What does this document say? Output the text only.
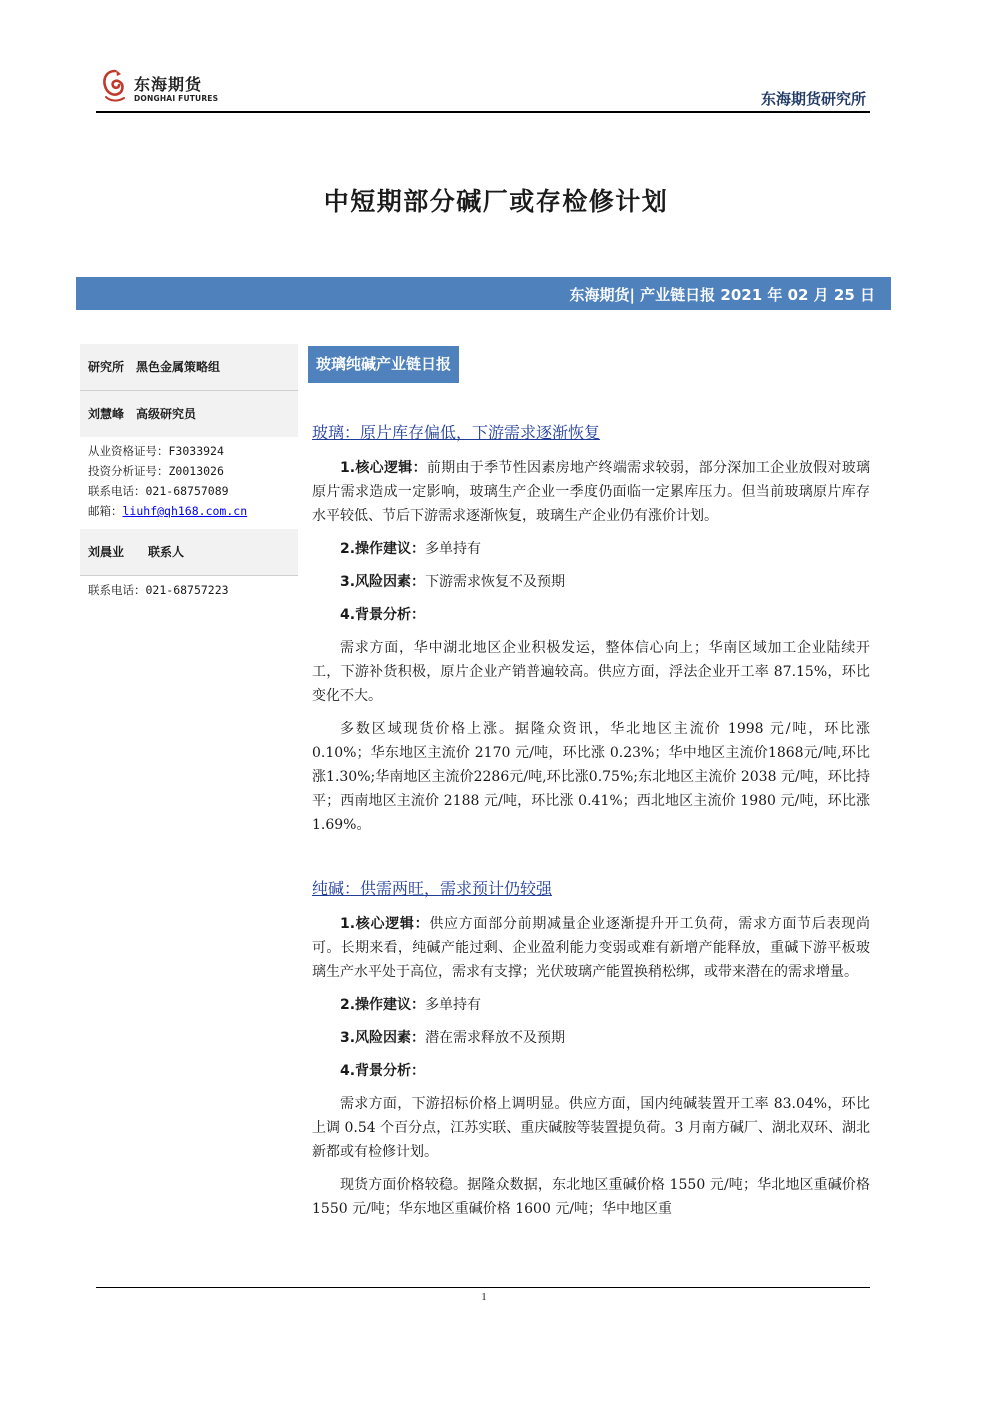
东海期货
DONGHAI FUTURES	东海期货研究所
中短期部分碱厂或存检修计划
东海期货| 产业链日报 2021 年 02 月 25 日
研究所　黑色金属策略组
刘慧峰　高级研究员
从业资格证号：F3033924
投资分析证号：Z0013026
联系电话：021-68757089
邮箱：liuhf@qh168.com.cn
刘晨业　　联系人
联系电话：021-68757223
玻璃纯碱产业链日报
玻璃：原片库存偏低，下游需求逐渐恢复

1.核心逻辑：前期由于季节性因素房地产终端需求较弱，部分深加工企业放假对玻璃原片需求造成一定影响，玻璃生产企业一季度仍面临一定累库压力。但当前玻璃原片库存水平较低、节后下游需求逐渐恢复，玻璃生产企业仍有涨价计划。

2.操作建议：多单持有

3.风险因素：下游需求恢复不及预期

4.背景分析：

需求方面，华中湖北地区企业积极发运，整体信心向上；华南区域加工企业陆续开工，下游补货积极，原片企业产销普遍较高。供应方面，浮法企业开工率 87.15%，环比变化不大。

多数区域现货价格上涨。据隆众资讯，华北地区主流价 1998 元/吨，环比涨 0.10%；华东地区主流价 2170 元/吨，环比涨 0.23%；华中地区主流价1868元/吨,环比涨1.30%;华南地区主流价2286元/吨,环比涨0.75%;东北地区主流价 2038 元/吨，环比持平；西南地区主流价 2188 元/吨，环比涨 0.41%；西北地区主流价 1980 元/吨，环比涨 1.69%。

纯碱：供需两旺，需求预计仍较强

1.核心逻辑：供应方面部分前期减量企业逐渐提升开工负荷，需求方面节后表现尚可。长期来看，纯碱产能过剩、企业盈利能力变弱或难有新增产能释放，重碱下游平板玻璃生产水平处于高位，需求有支撑；光伏玻璃产能置换稍松绑，或带来潜在的需求增量。

2.操作建议：多单持有

3.风险因素：潜在需求释放不及预期

4.背景分析：

需求方面，下游招标价格上调明显。供应方面，国内纯碱装置开工率 83.04%，环比上调 0.54 个百分点，江苏实联、重庆碱胺等装置提负荷。3 月南方碱厂、湖北双环、湖北新都或有检修计划。

现货方面价格较稳。据隆众数据，东北地区重碱价格 1550 元/吨；华北地区重碱价格 1550 元/吨；华东地区重碱价格 1600 元/吨；华中地区重

1
